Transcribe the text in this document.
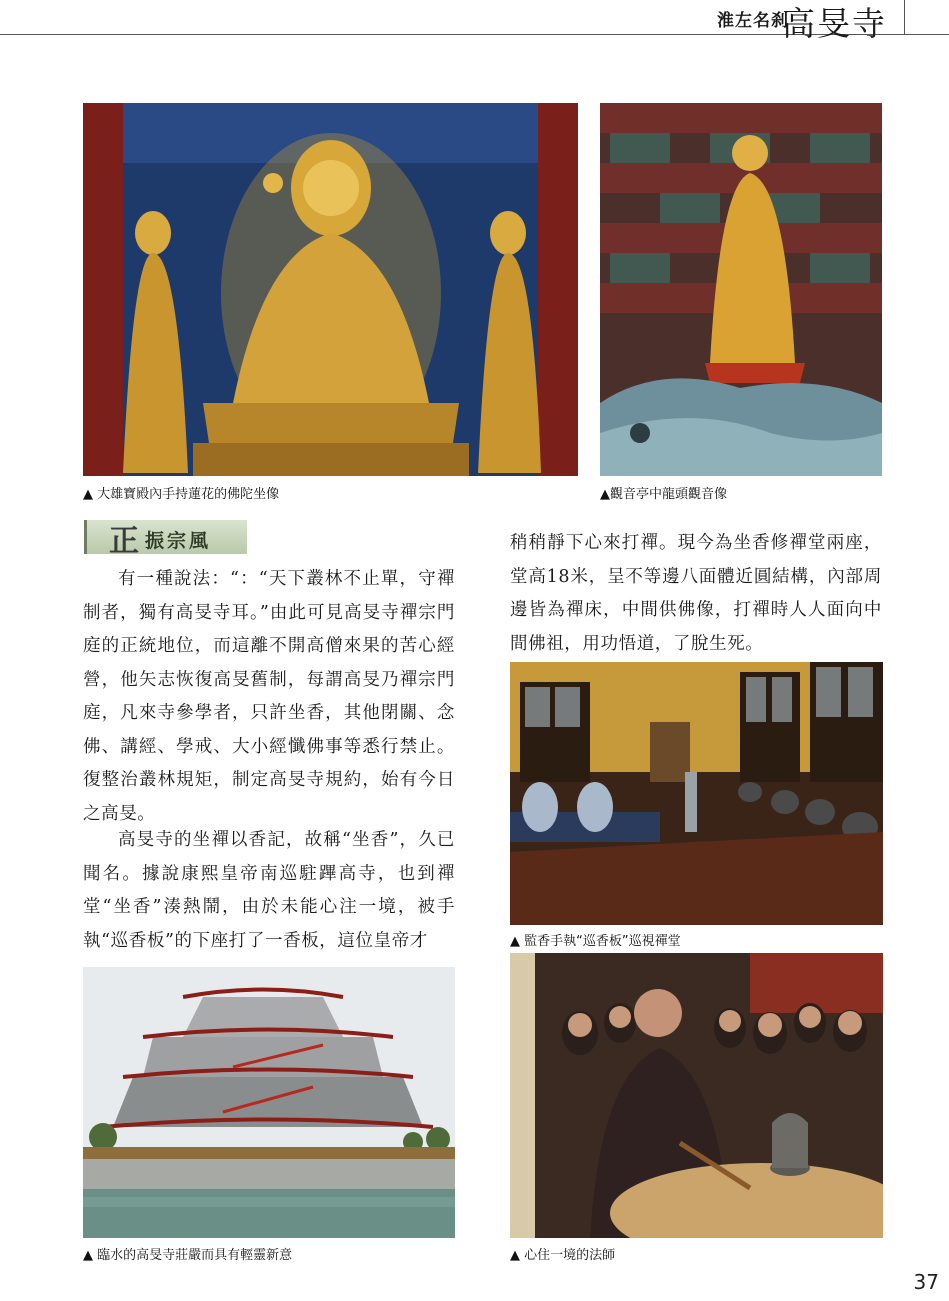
淮左名刹
高旻寺
▲ 大雄寶殿內手持蓮花的佛陀坐像	▲觀音亭中龍頭觀音像
正 振宗風
有一種說法：“：“天下叢林不止單，守禪制者，獨有高旻寺耳。”由此可見高旻寺禪宗門庭的正統地位，而這離不開高僧來果的苦心經營，他矢志恢復高旻舊制，每謂高旻乃禪宗門庭，凡來寺參學者，只許坐香，其他閉關、念佛、講經、學戒、大小經懺佛事等悉行禁止。復整治叢林規矩，制定高旻寺規約，始有今日之高旻。
高旻寺的坐禪以香記，故稱“坐香”，久已聞名。據說康熙皇帝南巡駐蹕高寺，也到禪堂“坐香”湊熱鬧，由於未能心注一境，被手執“巡香板”的下座打了一香板，這位皇帝才
稍稍靜下心來打禪。現今為坐香修禪堂兩座，堂高18米，呈不等邊八面體近圓結構，內部周邊皆為禪床，中間供佛像，打禪時人人面向中間佛祖，用功悟道，了脫生死。
▲ 監香手執“巡香板”巡視禪堂
▲ 臨水的高旻寺莊嚴而具有輕靈新意	▲ 心住一境的法師
37
